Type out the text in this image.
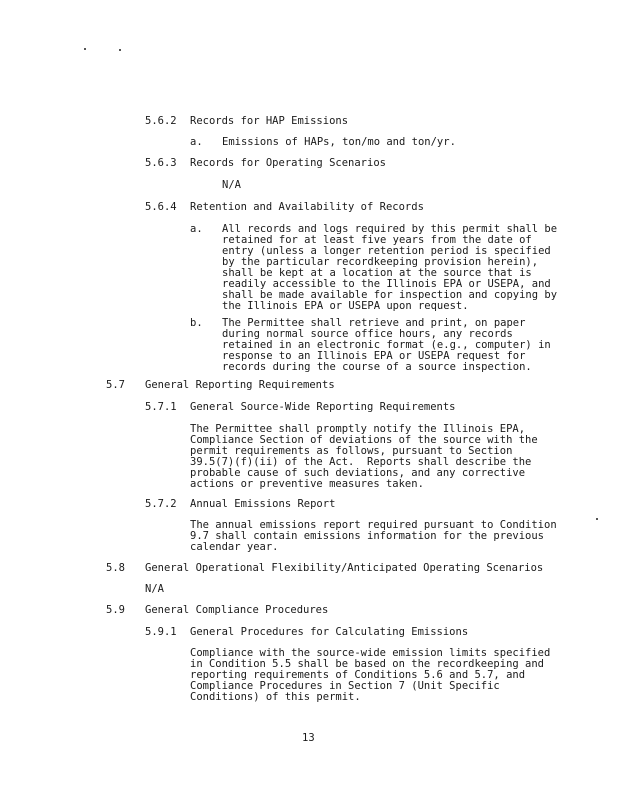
5.6.2 Records for HAP Emissions
a. Emissions of HAPs, ton/mo and ton/yr.
5.6.3 Records for Operating Scenarios
N/A
5.6.4 Retention and Availability of Records
a. All records and logs required by this permit shall be
retained for at least five years from the date of
entry (unless a longer retention period is specified
by the particular recordkeeping provision herein),
shall be kept at a location at the source that is
readily accessible to the Illinois EPA or USEPA, and
shall be made available for inspection and copying by
the Illinois EPA or USEPA upon request.
b. The Permittee shall retrieve and print, on paper
during normal source office hours, any records
retained in an electronic format (e.g., computer) in
response to an Illinois EPA or USEPA request for
records during the course of a source inspection.
5.7 General Reporting Requirements
5.7.1 General Source-Wide Reporting Requirements
The Permittee shall promptly notify the Illinois EPA,
Compliance Section of deviations of the source with the
permit requirements as follows, pursuant to Section
39.5(7)(f)(ii) of the Act.  Reports shall describe the
probable cause of such deviations, and any corrective
actions or preventive measures taken.
5.7.2 Annual Emissions Report
The annual emissions report required pursuant to Condition
9.7 shall contain emissions information for the previous
calendar year.
5.8 General Operational Flexibility/Anticipated Operating Scenarios
N/A
5.9 General Compliance Procedures
5.9.1 General Procedures for Calculating Emissions
Compliance with the source-wide emission limits specified
in Condition 5.5 shall be based on the recordkeeping and
reporting requirements of Conditions 5.6 and 5.7, and
Compliance Procedures in Section 7 (Unit Specific
Conditions) of this permit.
13
